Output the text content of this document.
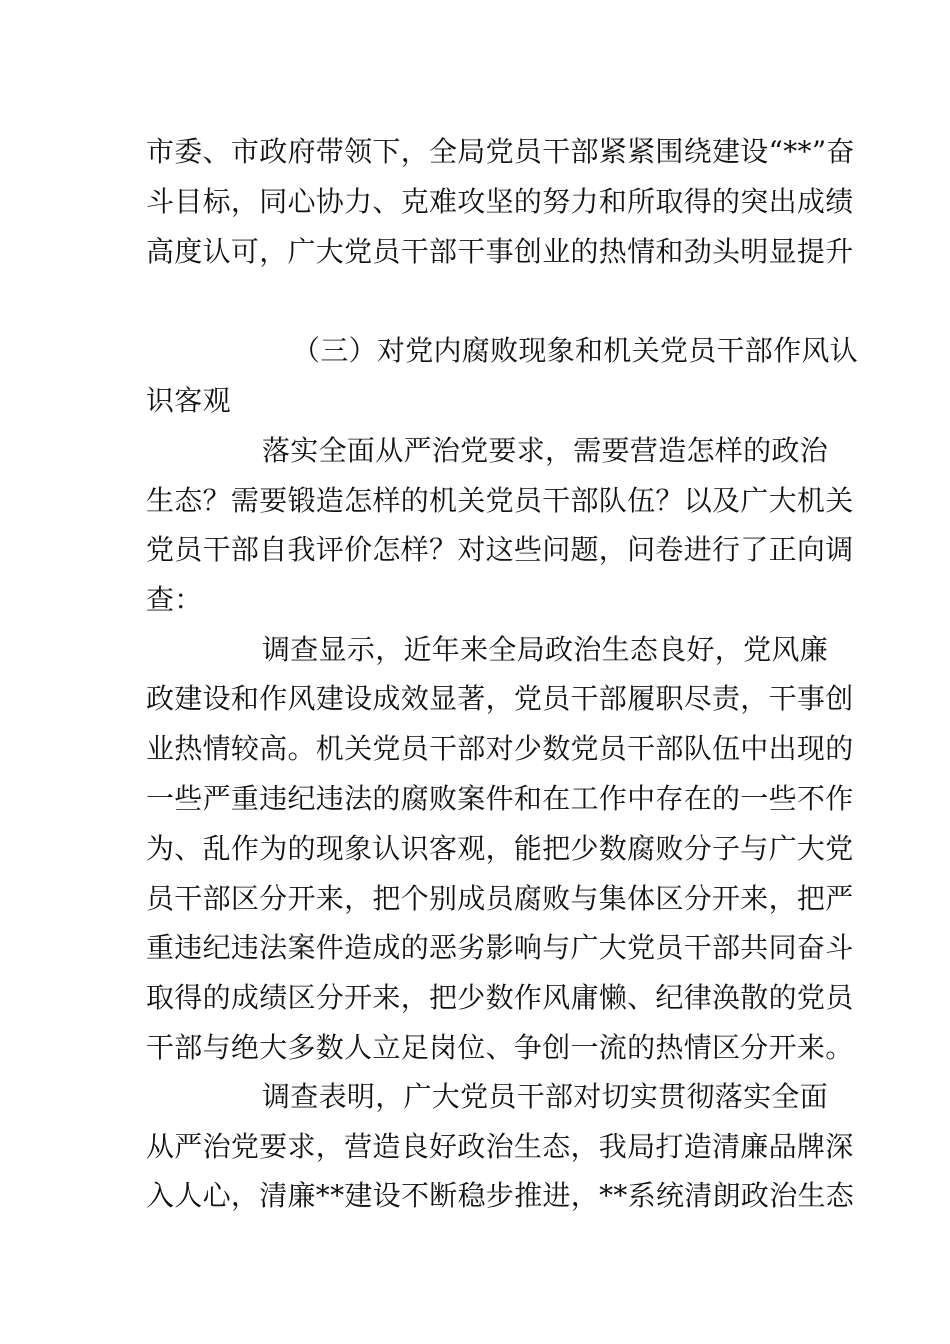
市委、市政府带领下，全局党员干部紧紧围绕建设“**”奋
斗目标，同心协力、克难攻坚的努力和所取得的突出成绩
高度认可，广大党员干部干事创业的热情和劲头明显提升
（三）对党内腐败现象和机关党员干部作风认
识客观
落实全面从严治党要求，需要营造怎样的政治
生态？需要锻造怎样的机关党员干部队伍？以及广大机关
党员干部自我评价怎样？对这些问题，问卷进行了正向调
查：
调查显示，近年来全局政治生态良好，党风廉
政建设和作风建设成效显著，党员干部履职尽责，干事创
业热情较高。机关党员干部对少数党员干部队伍中出现的
一些严重违纪违法的腐败案件和在工作中存在的一些不作
为、乱作为的现象认识客观，能把少数腐败分子与广大党
员干部区分开来，把个别成员腐败与集体区分开来，把严
重违纪违法案件造成的恶劣影响与广大党员干部共同奋斗
取得的成绩区分开来，把少数作风庸懒、纪律涣散的党员
干部与绝大多数人立足岗位、争创一流的热情区分开来。
调查表明，广大党员干部对切实贯彻落实全面
从严治党要求，营造良好政治生态，我局打造清廉品牌深
入人心，清廉**建设不断稳步推进，**系统清朗政治生态
